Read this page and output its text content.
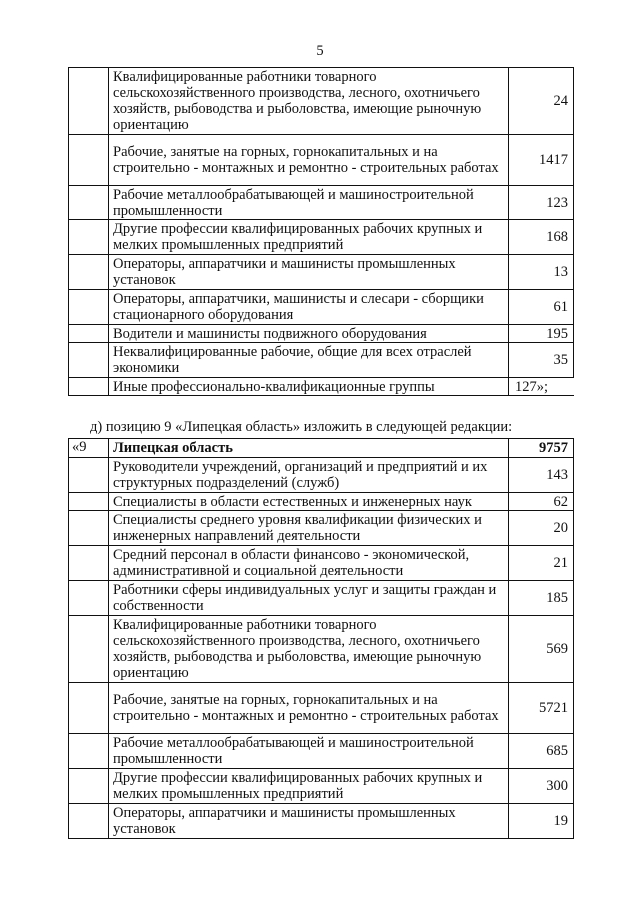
5
	Квалифицированные работники товарного сельскохозяйственного производства, лесного, охотничьего хозяйств, рыбоводства и рыболовства, имеющие рыночную ориентацию	24
	Рабочие, занятые на горных, горнокапитальных и на строительно - монтажных и ремонтно - строительных работах	1417
	Рабочие металлообрабатывающей и машиностроительной промышленности	123
	Другие профессии квалифицированных рабочих крупных и мелких промышленных предприятий	168
	Операторы, аппаратчики и машинисты промышленных установок	13
	Операторы, аппаратчики, машинисты и слесари - сборщики стационарного оборудования	61
	Водители и машинисты подвижного оборудования	195
	Неквалифицированные рабочие, общие для всех отраслей экономики	35
	Иные профессионально-квалификационные группы	127»;
д) позицию 9 «Липецкая область» изложить в следующей редакции:
«9	Липецкая область	9757
	Руководители учреждений, организаций и предприятий и их структурных подразделений (служб)	143
	Специалисты в области естественных и инженерных наук	62
	Специалисты среднего уровня квалификации физических и инженерных направлений деятельности	20
	Средний персонал в области финансово - экономической, административной и социальной деятельности	21
	Работники сферы индивидуальных услуг и защиты граждан и собственности	185
	Квалифицированные работники товарного сельскохозяйственного производства, лесного, охотничьего хозяйств, рыбоводства и рыболовства, имеющие рыночную ориентацию	569
	Рабочие, занятые на горных, горнокапитальных и на строительно - монтажных и ремонтно - строительных работах	5721
	Рабочие металлообрабатывающей и машиностроительной промышленности	685
	Другие профессии квалифицированных рабочих крупных и мелких промышленных предприятий	300
	Операторы, аппаратчики и машинисты промышленных установок	19
